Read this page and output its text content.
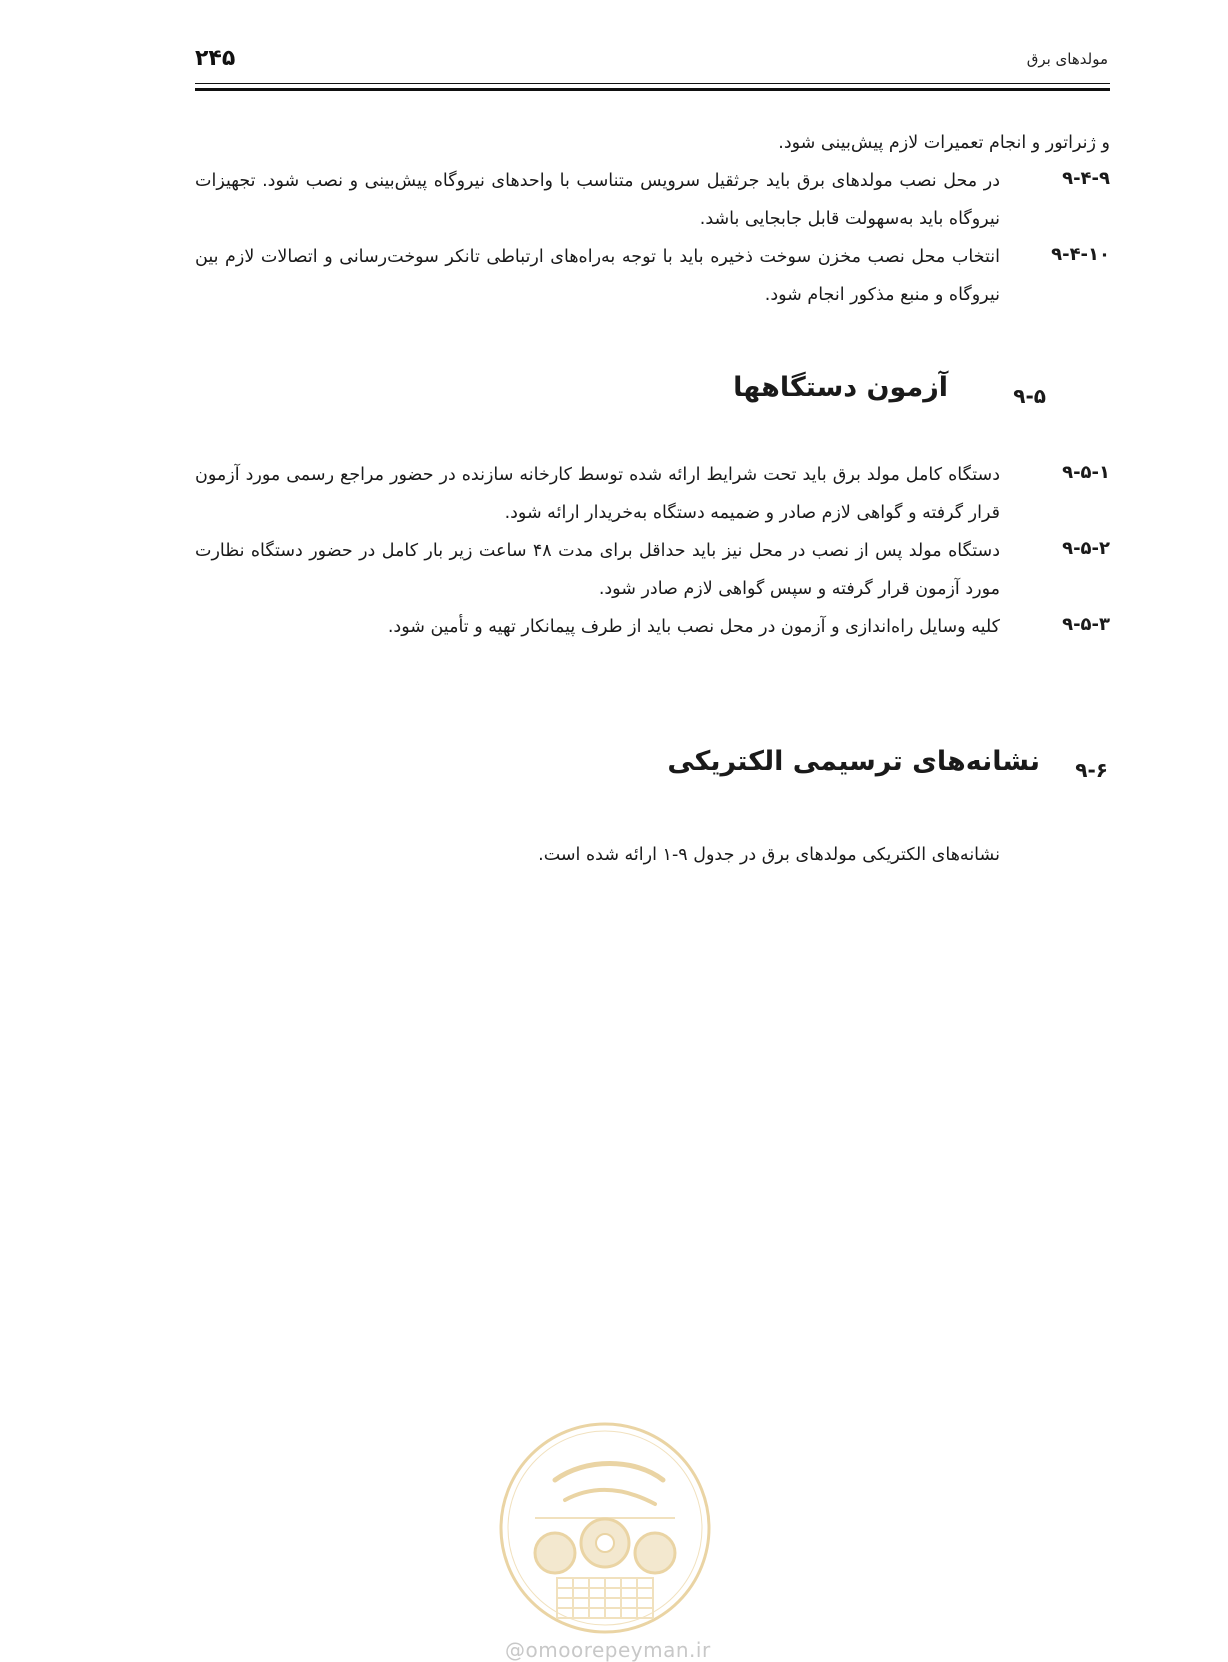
مولدهای برق
۲۴۵
و ژنراتور و انجام تعمیرات لازم پیش‌بینی شود.
۹-۴-۹
در محل نصب مولدهای برق باید جرثقیل سرویس متناسب با واحدهای نیروگاه پیش‌بینی و نصب شود. تجهیزات نیروگاه باید به‌سهولت قابل جابجایی باشد.
۹-۴-۱۰
انتخاب محل نصب مخزن سوخت ذخیره باید با توجه به‌راه‌های ارتباطی تانکر سوخت‌رسانی و اتصالات لازم بین نیروگاه و منبع مذکور انجام شود.
۹-۵
آزمون دستگاهها
۹-۵-۱
دستگاه کامل مولد برق باید تحت شرایط ارائه شده توسط کارخانه سازنده در حضور مراجع رسمی مورد آزمون قرار گرفته و گواهی لازم صادر و ضمیمه دستگاه به‌خریدار ارائه شود.
۹-۵-۲
دستگاه مولد پس از نصب در محل نیز باید حداقل برای مدت ۴۸ ساعت زیر بار کامل در حضور دستگاه نظارت مورد آزمون قرار گرفته و سپس گواهی لازم صادر شود.
۹-۵-۳
کلیه وسایل راه‌اندازی و آزمون در محل نصب باید از طرف پیمانکار تهیه و تأمین شود.
۹-۶
نشانه‌های ترسیمی الکتریکی
نشانه‌های الکتریکی مولدهای برق در جدول ۹-۱ ارائه شده است.
@omoorepeyman.ir
